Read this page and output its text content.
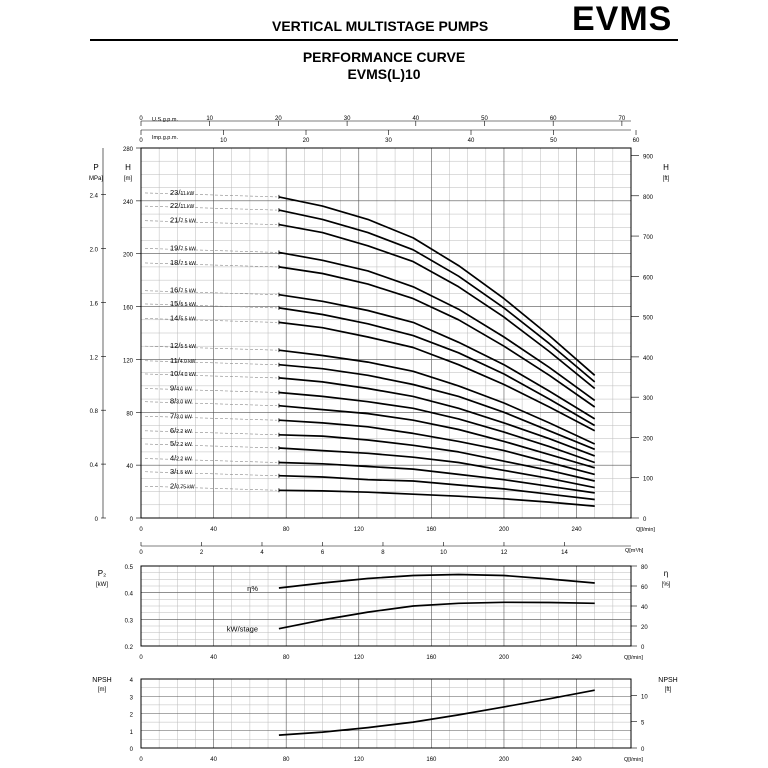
VERTICAL MULTISTAGE PUMPS EVMS
PERFORMANCE CURVE
EVMS(L)10
H
[m]
0
40
80
120
160
200
240
280
P
MPa]
0
0.4
0.8
1.2
1.6
2.0
2.4
H
[ft]
0
100
200
300
400
500
600
700
800
900
U.S.g.p.m.
0	10	20	30	40	50	60	70
Imp.g.p.m.
0	10	20	30	40	50	60
0	40	80	120	160	200	240	Q[l/min]
0	2	4	6	8	10	12	14	Q[m³/h]
23/11 kW
22/11 kW
21/7.5 kW
19/7.5 kW
18/7.5 kW
16/7.5 kW
15/5.5 kW
14/5.5 kW
12/5.5 kW
11/4.0 kW
10/4.0 kW
9/4.0 kW
8/3.0 kW
7/3.0 kW
6/2.2 kW
5/2.2 kW
4/2.2 kW
3/1.5 kW
2/0.75 kW
P₂
[kW]
0.2
0.3
0.4
0.5
η
[%]
0
20
40
60
80
η%
kW/stage
0	40	80	120	160	200	240	Q[l/min]
NPSH
[m]
0
1
2
3
4	NPSH
[ft]
0
5
10
0	40	80	120	160	200	240	Q[l/min]
